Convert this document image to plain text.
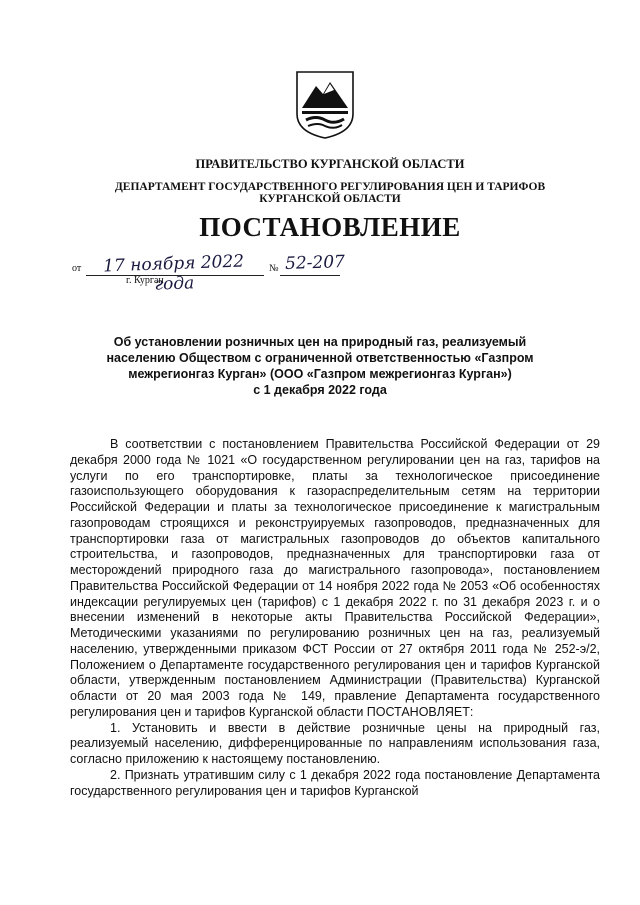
ПРАВИТЕЛЬСТВО КУРГАНСКОЙ ОБЛАСТИ
ДЕПАРТАМЕНТ ГОСУДАРСТВЕННОГО РЕГУЛИРОВАНИЯ ЦЕН И ТАРИФОВ
КУРГАНСКОЙ ОБЛАСТИ
ПОСТАНОВЛЕНИЕ
от	17 ноября 2022 года
№ 52-207
г. Курган
Об установлении розничных цен на природный газ, реализуемый
населению Обществом с ограниченной ответственностью «Газпром
межрегионгаз Курган» (ООО «Газпром межрегионгаз Курган»)
с 1 декабря 2022 года

В соответствии с постановлением Правительства Российской Федерации от 29 декабря 2000 года № 1021 «О государственном регулировании цен на газ, тарифов на услуги по его транспортировке, платы за технологическое присоединение газоиспользующего оборудования к газораспределительным сетям на территории Российской Федерации и платы за технологическое присоединение к магистральным газопроводам строящихся и реконструируемых газопроводов, предназначенных для транспортировки газа от магистральных газопроводов до объектов капитального строительства, и газопроводов, предназначенных для транспортировки газа от месторождений природного газа до магистрального газопровода», постановлением Правительства Российской Федерации от 14 ноября 2022 года № 2053 «Об особенностях индексации регулируемых цен (тарифов) с 1 декабря 2022 г. по 31 декабря 2023 г. и о внесении изменений в некоторые акты Правительства Российской Федерации», Методическими указаниями по регулированию розничных цен на газ, реализуемый населению, утвержденными приказом ФСТ России от 27 октября 2011 года № 252-э/2, Положением о Департаменте государственного регулирования цен и тарифов Курганской области, утвержденным постановлением Администрации (Правительства) Курганской области от 20 мая 2003 года № 149, правление Департамента государственного регулирования цен и тарифов Курганской области ПОСТАНОВЛЯЕТ:

1. Установить и ввести в действие розничные цены на природный газ, реализуемый населению, дифференцированные по направлениям использования газа, согласно приложению к настоящему постановлению.

2. Признать утратившим силу с 1 декабря 2022 года постановление Департамента государственного регулирования цен и тарифов Курганской
